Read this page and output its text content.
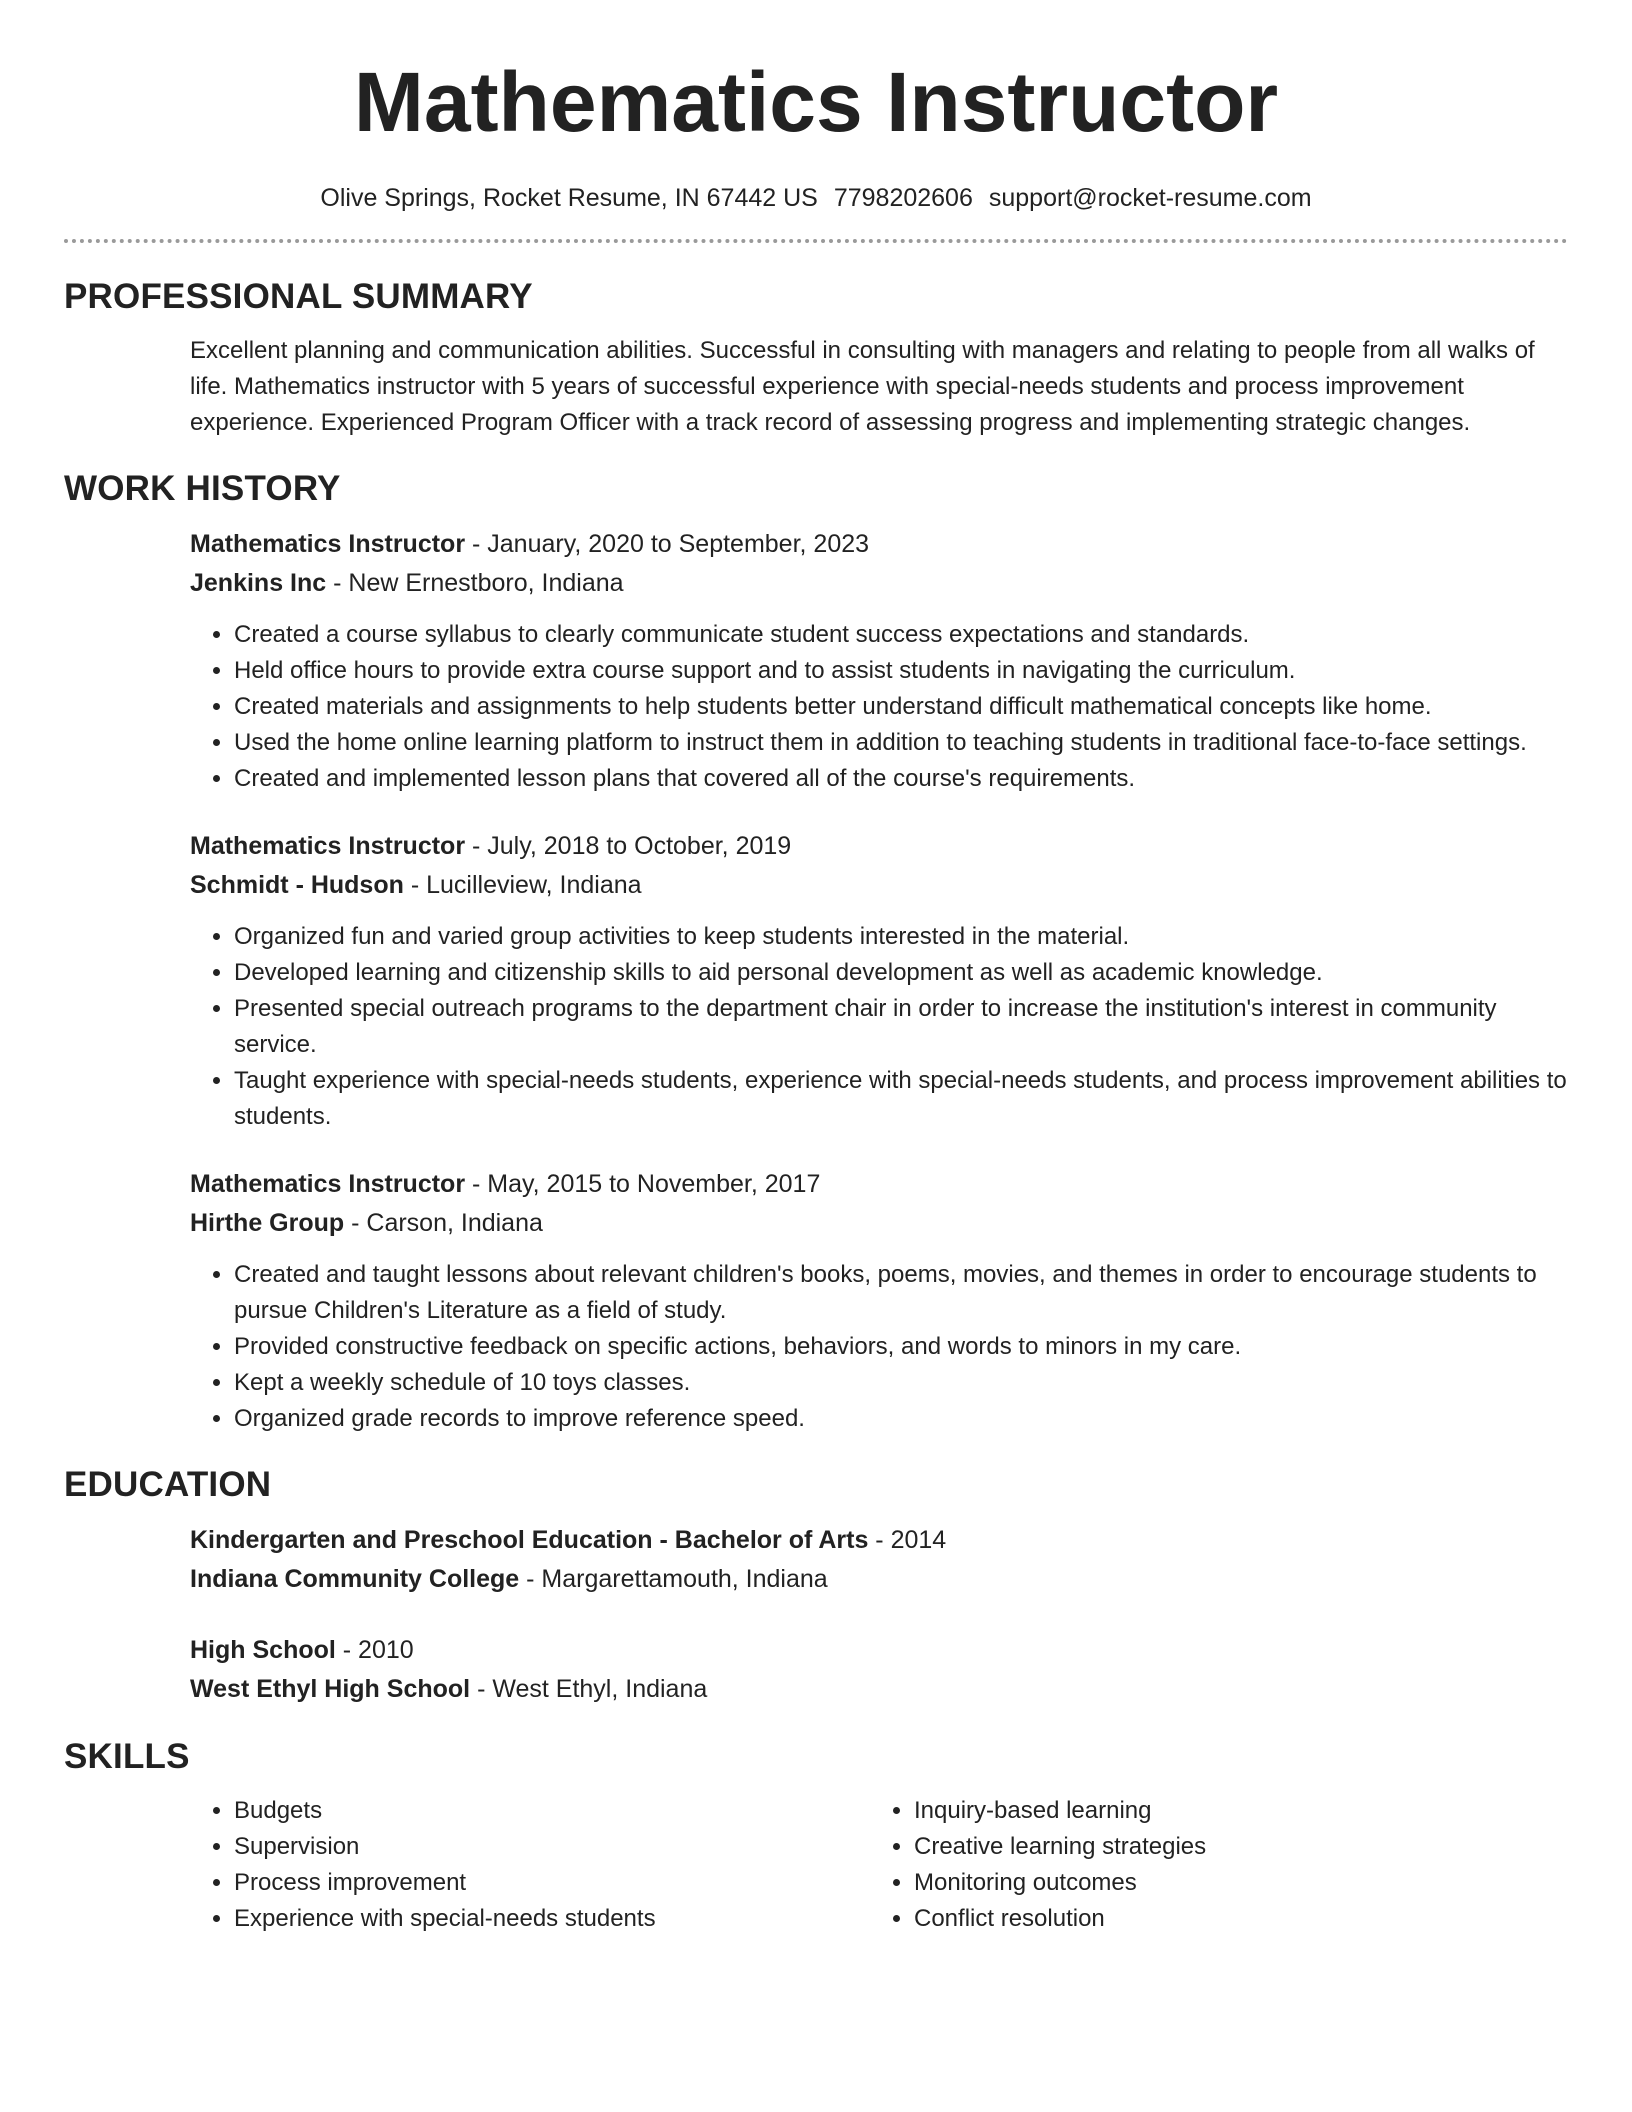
Mathematics Instructor
Olive Springs, Rocket Resume, IN 67442 US 7798202606 support@rocket-resume.com
PROFESSIONAL SUMMARY

Excellent planning and communication abilities. Successful in consulting with managers and relating to people from all walks of life. Mathematics instructor with 5 years of successful experience with special-needs students and process improvement experience. Experienced Program Officer with a track record of assessing progress and implementing strategic changes.

WORK HISTORY
Mathematics Instructor - January, 2020 to September, 2023
Jenkins Inc - New Ernestboro, Indiana
• Created a course syllabus to clearly communicate student success expectations and standards.
• Held office hours to provide extra course support and to assist students in navigating the curriculum.
• Created materials and assignments to help students better understand difficult mathematical concepts like home.
• Used the home online learning platform to instruct them in addition to teaching students in traditional face-to-face settings.
• Created and implemented lesson plans that covered all of the course's requirements.
Mathematics Instructor - July, 2018 to October, 2019
Schmidt - Hudson - Lucilleview, Indiana
• Organized fun and varied group activities to keep students interested in the material.
• Developed learning and citizenship skills to aid personal development as well as academic knowledge.
• Presented special outreach programs to the department chair in order to increase the institution's interest in community service.
• Taught experience with special-needs students, experience with special-needs students, and process improvement abilities to students.
Mathematics Instructor - May, 2015 to November, 2017
Hirthe Group - Carson, Indiana
• Created and taught lessons about relevant children's books, poems, movies, and themes in order to encourage students to pursue Children's Literature as a field of study.
• Provided constructive feedback on specific actions, behaviors, and words to minors in my care.
• Kept a weekly schedule of 10 toys classes.
• Organized grade records to improve reference speed.
EDUCATION
Kindergarten and Preschool Education - Bachelor of Arts - 2014
Indiana Community College - Margarettamouth, Indiana
High School - 2010
West Ethyl High School - West Ethyl, Indiana
SKILLS
• Budgets
• Supervision
• Process improvement
• Experience with special-needs students
• Inquiry-based learning
• Creative learning strategies
• Monitoring outcomes
• Conflict resolution
